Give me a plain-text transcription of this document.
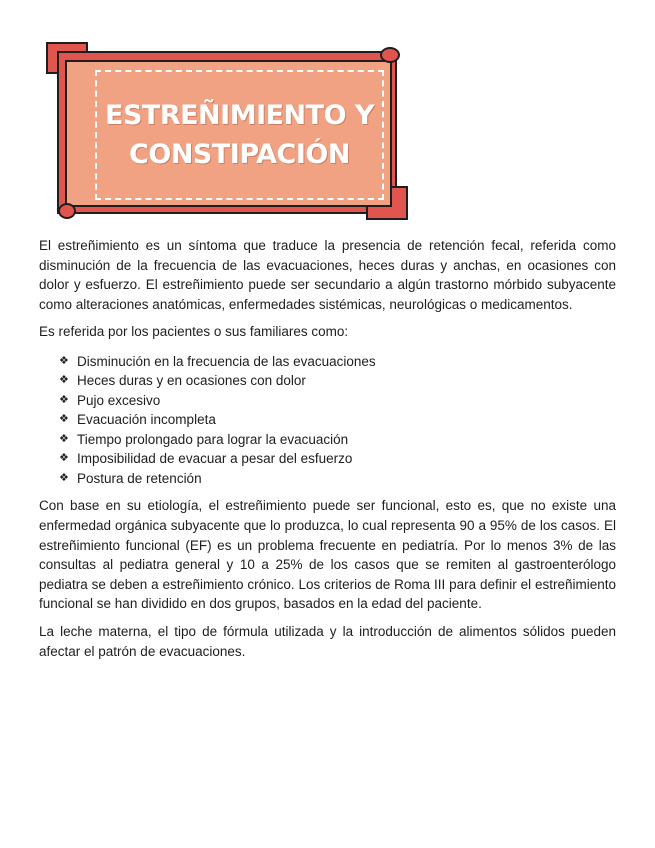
ESTREÑIMIENTO Y
CONSTIPACIÓN

El estreñimiento es un síntoma que traduce la presencia de retención fecal, referida como disminución de la frecuencia de las evacuaciones, heces duras y anchas, en ocasiones con dolor y esfuerzo. El estreñimiento puede ser secundario a algún trastorno mórbido subyacente como alteraciones anatómicas, enfermedades sistémicas, neurológicas o medicamentos.

Es referida por los pacientes o sus familiares como:

❖ Disminución en la frecuencia de las evacuaciones
❖ Heces duras y en ocasiones con dolor
❖ Pujo excesivo
❖ Evacuación incompleta
❖ Tiempo prolongado para lograr la evacuación
❖ Imposibilidad de evacuar a pesar del esfuerzo
❖ Postura de retención

Con base en su etiología, el estreñimiento puede ser funcional, esto es, que no existe una enfermedad orgánica subyacente que lo produzca, lo cual representa 90 a 95% de los casos. El estreñimiento funcional (EF) es un problema frecuente en pediatría. Por lo menos 3% de las consultas al pediatra general y 10 a 25% de los casos que se remiten al gastroenterólogo pediatra se deben a estreñimiento crónico. Los criterios de Roma III para definir el estreñimiento funcional se han dividido en dos grupos, basados en la edad del paciente.

La leche materna, el tipo de fórmula utilizada y la introducción de alimentos sólidos pueden afectar el patrón de evacuaciones.
